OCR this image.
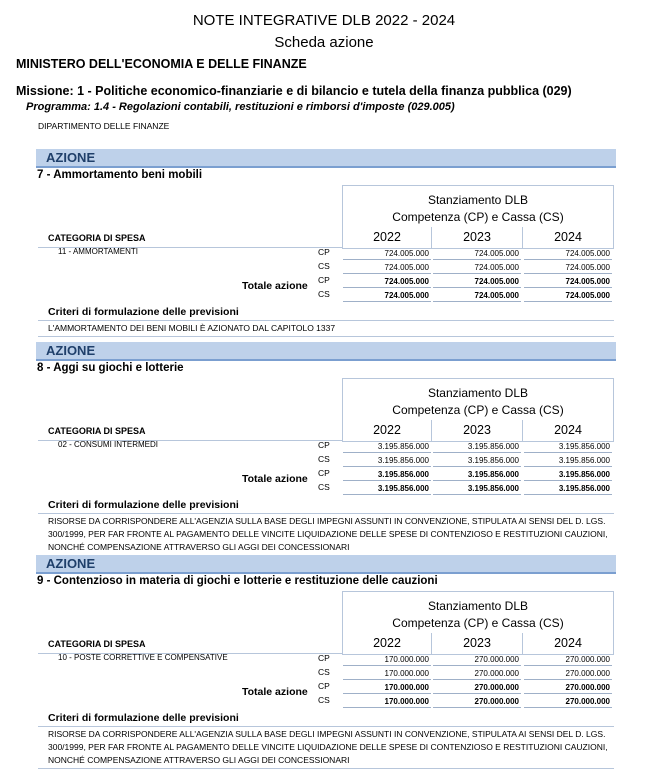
NOTE INTEGRATIVE DLB 2022 - 2024
Scheda azione
MINISTERO DELL'ECONOMIA E DELLE FINANZE
Missione: 1 - Politiche economico-finanziarie e di bilancio e tutela della finanza pubblica (029)
Programma: 1.4 - Regolazioni contabili, restituzioni e rimborsi d'imposte (029.005)
DIPARTIMENTO DELLE FINANZE
AZIONE
7 - Ammortamento beni mobili
Stanziamento DLB
Competenza (CP) e Cassa (CS)
2022	2023	2024
CATEGORIA DI SPESA
11 - AMMORTAMENTI	CP	724.005.000	724.005.000	724.005.000
CS	724.005.000	724.005.000	724.005.000
CP	724.005.000	724.005.000	724.005.000
CS	724.005.000	724.005.000	724.005.000
Totale azione
Criteri di formulazione delle previsioni
L'AMMORTAMENTO DEI BENI MOBILI È AZIONATO DAL CAPITOLO 1337
AZIONE
8 - Aggi su giochi e lotterie
Stanziamento DLB
Competenza (CP) e Cassa (CS)
2022	2023	2024
CATEGORIA DI SPESA
02 - CONSUMI INTERMEDI	CP	3.195.856.000	3.195.856.000	3.195.856.000
CS	3.195.856.000	3.195.856.000	3.195.856.000
CP	3.195.856.000	3.195.856.000	3.195.856.000
CS	3.195.856.000	3.195.856.000	3.195.856.000
Totale azione
Criteri di formulazione delle previsioni
RISORSE DA CORRISPONDERE ALL'AGENZIA SULLA BASE DEGLI IMPEGNI ASSUNTI IN CONVENZIONE, STIPULATA AI SENSI DEL D. LGS.
300/1999, PER FAR FRONTE AL PAGAMENTO DELLE VINCITE LIQUIDAZIONE DELLE SPESE DI CONTENZIOSO E RESTITUZIONI CAUZIONI,
NONCHÉ COMPENSAZIONE ATTRAVERSO GLI AGGI DEI CONCESSIONARI
AZIONE
9 - Contenzioso in materia di giochi e lotterie e restituzione delle cauzioni
Stanziamento DLB
Competenza (CP) e Cassa (CS)
2022	2023	2024
CATEGORIA DI SPESA
10 - POSTE CORRETTIVE E COMPENSATIVE	CP	170.000.000	270.000.000	270.000.000
CS	170.000.000	270.000.000	270.000.000
CP	170.000.000	270.000.000	270.000.000
CS	170.000.000	270.000.000	270.000.000
Totale azione
Criteri di formulazione delle previsioni
RISORSE DA CORRISPONDERE ALL'AGENZIA SULLA BASE DEGLI IMPEGNI ASSUNTI IN CONVENZIONE, STIPULATA AI SENSI DEL D. LGS.
300/1999, PER FAR FRONTE AL PAGAMENTO DELLE VINCITE LIQUIDAZIONE DELLE SPESE DI CONTENZIOSO E RESTITUZIONI CAUZIONI,
NONCHÉ COMPENSAZIONE ATTRAVERSO GLI AGGI DEI CONCESSIONARI
